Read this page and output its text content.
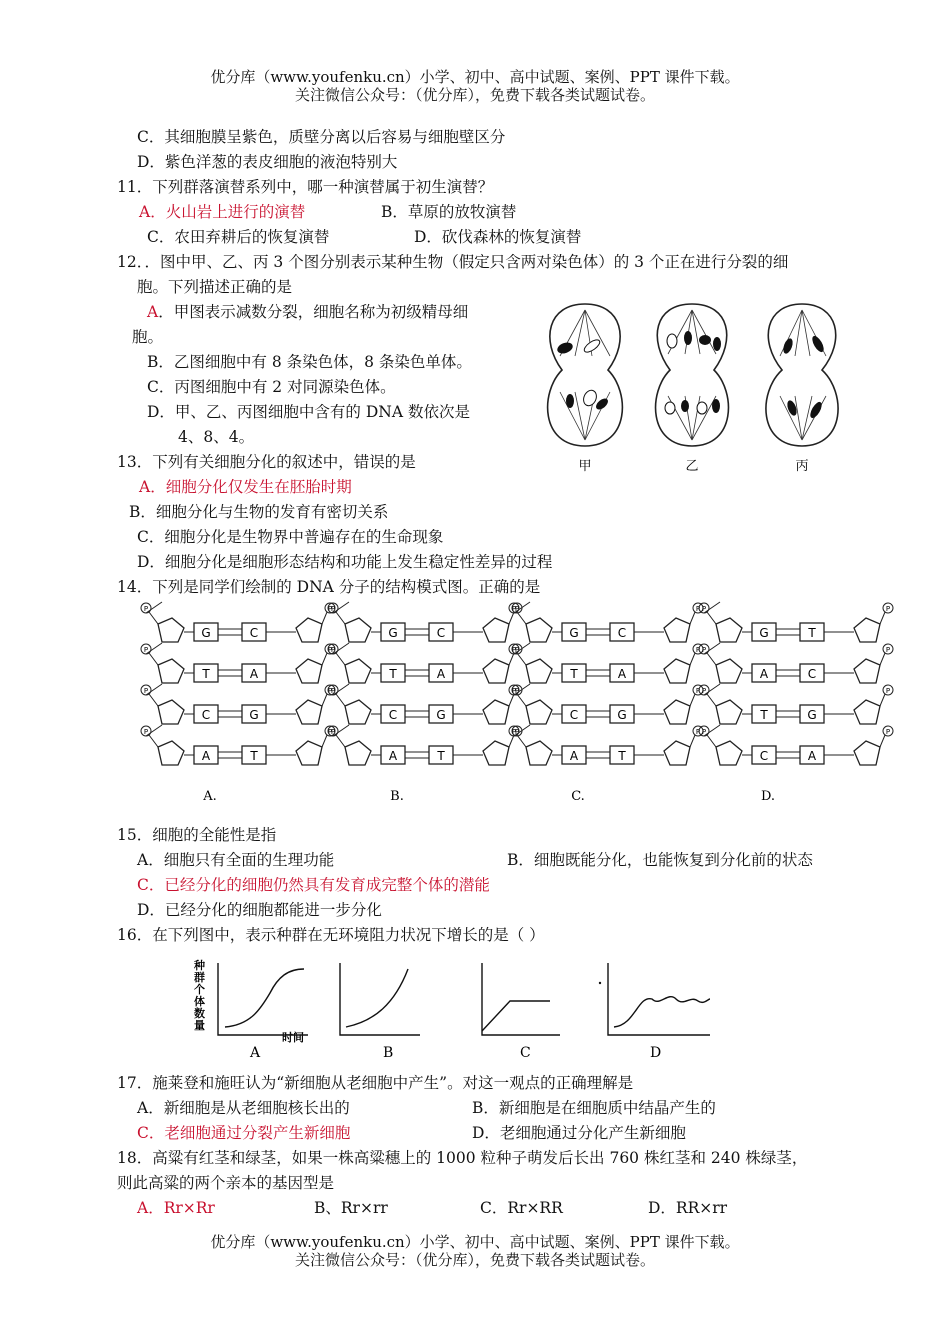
优分库（www.youfenku.cn）小学、初中、高中试题、案例、PPT 课件下载。
关注微信公众号：（优分库），免费下载各类试题试卷。
C．其细胞膜呈紫色，质壁分离以后容易与细胞壁区分
D．紫色洋葱的表皮细胞的液泡特别大
11．下列群落演替系列中，哪一种演替属于初生演替？
A．火山岩上进行的演替	B．草原的放牧演替
C．农田弃耕后的恢复演替	D．砍伐森林的恢复演替
12．．图中甲、乙、丙 3 个图分别表示某种生物（假定只含两对染色体）的 3 个正在进行分裂的细
胞。下列描述正确的是
A．甲图表示减数分裂，细胞名称为初级精母细
胞。
B．乙图细胞中有 8 条染色体，8 条染色单体。
C．丙图细胞中有 2 对同源染色体。
D．甲、乙、丙图细胞中含有的 DNA 数依次是
4、8、4。
甲	乙	丙
13．下列有关细胞分化的叙述中，错误的是
A．细胞分化仅发生在胚胎时期
B．细胞分化与生物的发育有密切关系
C．细胞分化是生物界中普遍存在的生命现象
D．细胞分化是细胞形态结构和功能上发生稳定性差异的过程
14．下列是同学们绘制的 DNA 分子的结构模式图。正确的是
P	P
G	C
P	P
T	A
P	P
C	G
P	P
A	T
A.
P	P
G	C
P	P
T	A
P	P
C	G
P	P
A	T
B.
P	P
G	C
P	P
T	A
P	P
C	G
P	P
A	T
C.
P	P
G	T
P	P
A	C
P	P
T	G
P	P
C	A
D.
15．细胞的全能性是指
A．细胞只有全面的生理功能	B．细胞既能分化，也能恢复到分化前的状态
C．已经分化的细胞仍然具有发育成完整个体的潜能
D．已经分化的细胞都能进一步分化
16．在下列图中，表示种群在无环境阻力状况下增长的是（ ）
种群个体数量
时间
A	B	C	D
17．施莱登和施旺认为“新细胞从老细胞中产生”。对这一观点的正确理解是
A．新细胞是从老细胞核长出的	B．新细胞是在细胞质中结晶产生的
C．老细胞通过分裂产生新细胞	D．老细胞通过分化产生新细胞
18．高粱有红茎和绿茎，如果一株高粱穗上的 1000 粒种子萌发后长出 760 株红茎和 240 株绿茎，
则此高粱的两个亲本的基因型是
A．Rr×Rr	B、Rr×rr	C．Rr×RR	D．RR×rr
优分库（www.youfenku.cn）小学、初中、高中试题、案例、PPT 课件下载。
关注微信公众号：（优分库），免费下载各类试题试卷。
